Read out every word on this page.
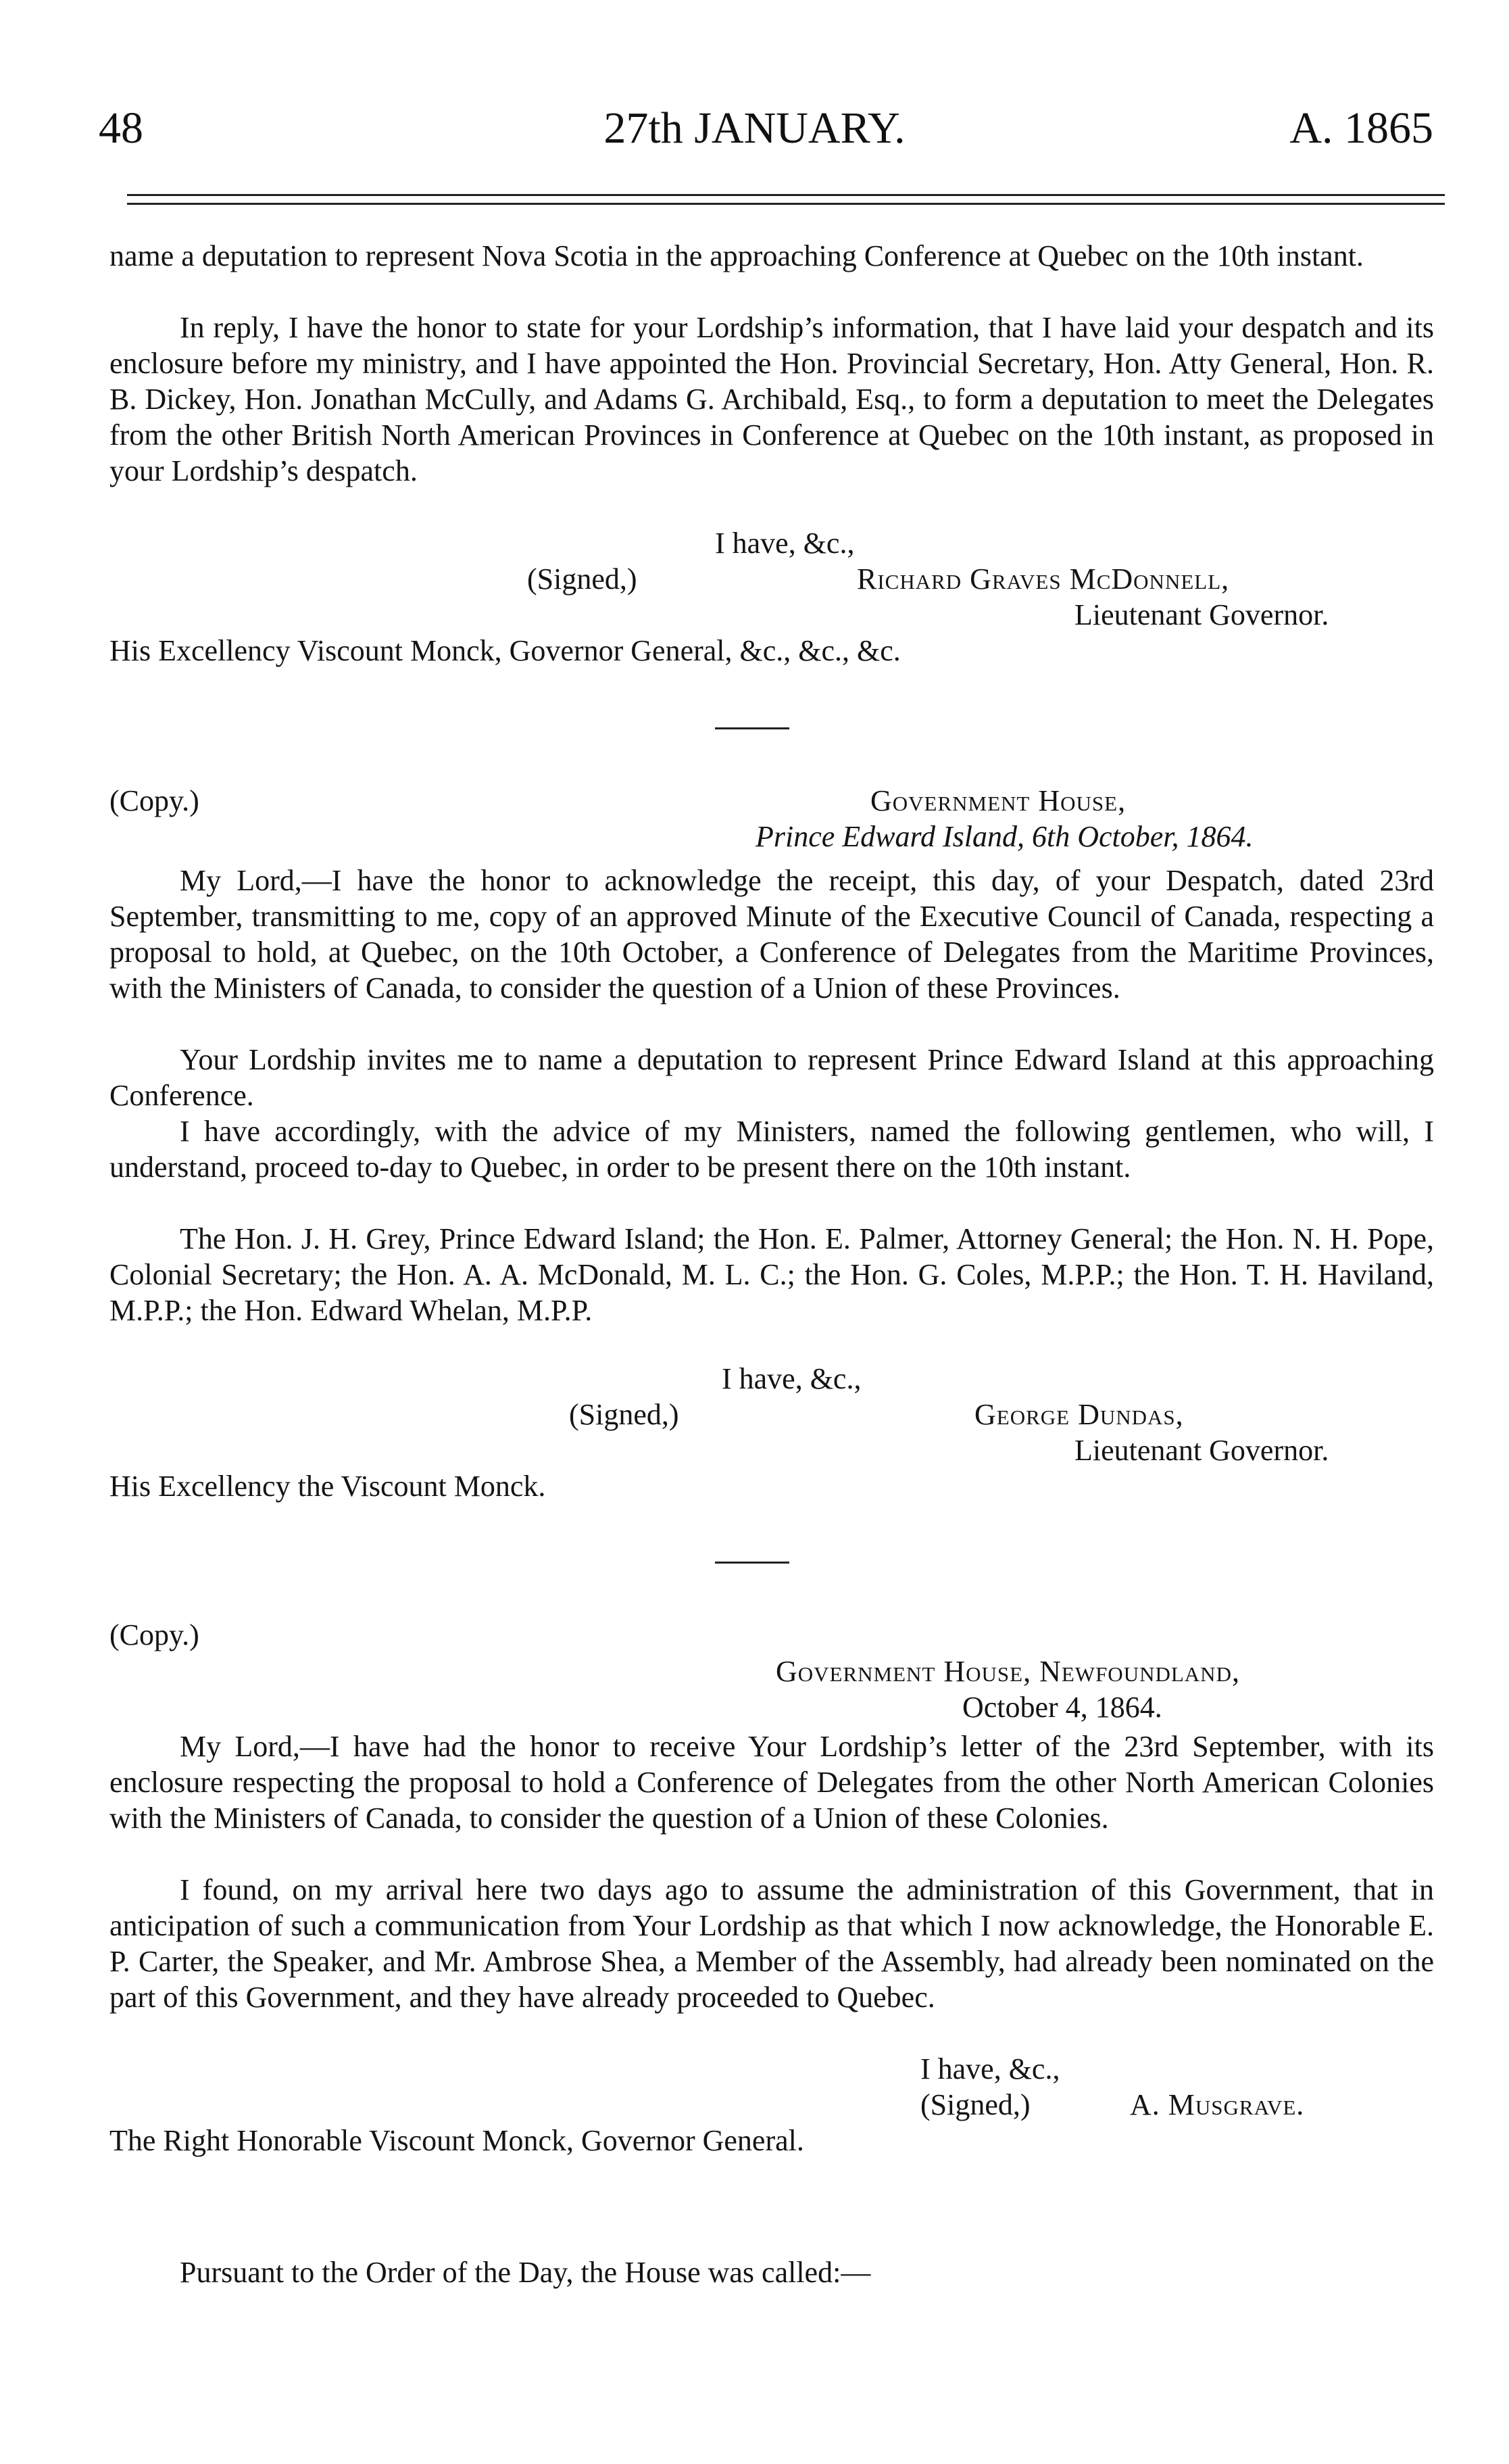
48	27th JANUARY.	A. 1865
name a deputation to represent Nova Scotia in the approaching Conference at Quebec on the 10th instant.
In reply, I have the honor to state for your Lordship’s information, that I have laid your despatch and its enclosure before my ministry, and I have appointed the Hon. Provincial Secretary, Hon. Atty General, Hon. R. B. Dickey, Hon. Jonathan McCully, and Adams G. Archibald, Esq., to form a deputation to meet the Delegates from the other British North American Provinces in Conference at Quebec on the 10th instant, as proposed in your Lordship’s despatch.
I have, &c.,
(Signed,)	Richard Graves McDonnell,
Lieutenant Governor.
His Excellency Viscount Monck, Governor General, &c., &c., &c.
(Copy.)	Government House,
Prince Edward Island, 6th October, 1864.
My Lord,—I have the honor to acknowledge the receipt, this day, of your Despatch, dated 23rd September, transmitting to me, copy of an approved Minute of the Executive Council of Canada, respecting a proposal to hold, at Quebec, on the 10th October, a Conference of Delegates from the Maritime Provinces, with the Ministers of Canada, to consider the question of a Union of these Provinces.
Your Lordship invites me to name a deputation to represent Prince Edward Island at this approaching Conference.
I have accordingly, with the advice of my Ministers, named the following gentlemen, who will, I understand, proceed to-day to Quebec, in order to be present there on the 10th instant.
The Hon. J. H. Grey, Prince Edward Island; the Hon. E. Palmer, Attorney General; the Hon. N. H. Pope, Colonial Secretary; the Hon. A. A. McDonald, M. L. C.; the Hon. G. Coles, M.P.P.; the Hon. T. H. Haviland, M.P.P.; the Hon. Edward Whelan, M.P.P.
I have, &c.,
(Signed,)	George Dundas,
Lieutenant Governor.
His Excellency the Viscount Monck.
(Copy.)
Government House, Newfoundland,
October 4, 1864.
My Lord,—I have had the honor to receive Your Lordship’s letter of the 23rd September, with its enclosure respecting the proposal to hold a Conference of Delegates from the other North American Colonies with the Ministers of Canada, to consider the question of a Union of these Colonies.
I found, on my arrival here two days ago to assume the administration of this Government, that in anticipation of such a communication from Your Lordship as that which I now acknowledge, the Honorable E. P. Carter, the Speaker, and Mr. Ambrose Shea, a Member of the Assembly, had already been nominated on the part of this Government, and they have already proceeded to Quebec.
I have, &c.,
(Signed,)	A. Musgrave.
The Right Honorable Viscount Monck, Governor General.
Pursuant to the Order of the Day, the House was called:—
